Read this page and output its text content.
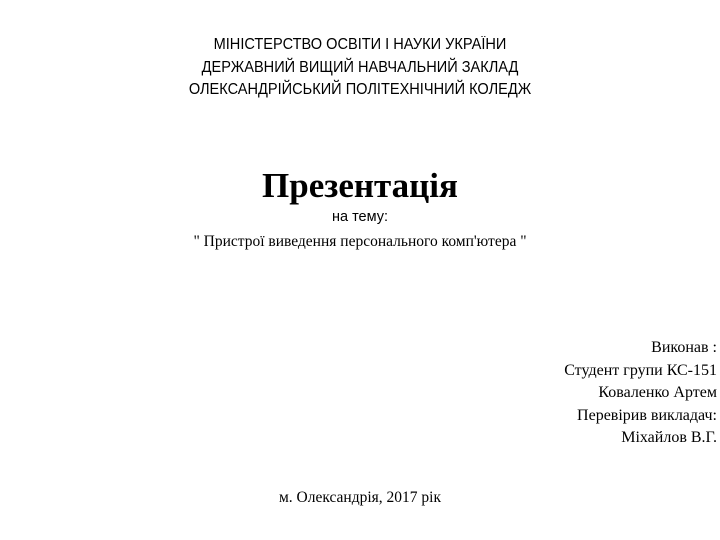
МІНІСТЕРСТВО ОСВІТИ І НАУКИ УКРАЇНИ
ДЕРЖАВНИЙ ВИЩИЙ НАВЧАЛЬНИЙ ЗАКЛАД
ОЛЕКСАНДРІЙСЬКИЙ ПОЛІТЕХНІЧНИЙ КОЛЕДЖ
Презентація
на тему:
" Пристрої виведення персонального комп'ютера "
Виконав :
Студент групи КС-151
Коваленко Артем
Перевірив викладач:
Міхайлов В.Г.
м. Олександрія, 2017 рік
